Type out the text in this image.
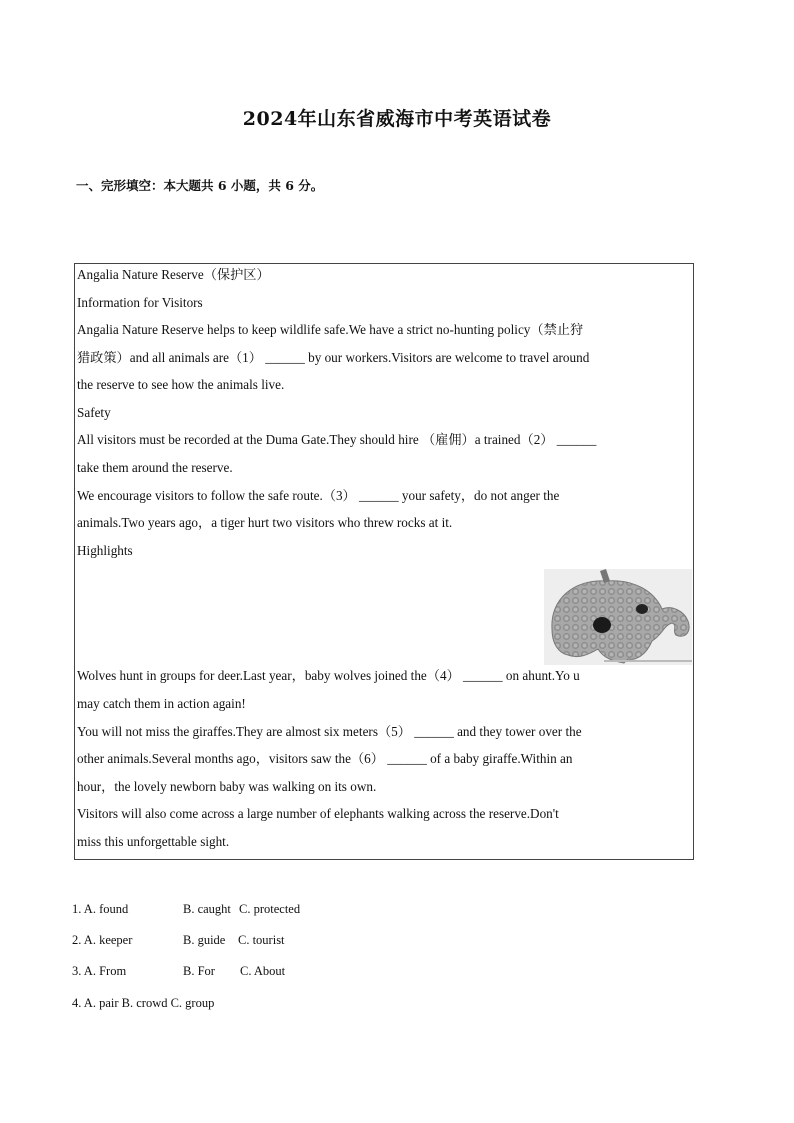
2024年山东省威海市中考英语试卷
一、完形填空：本大题共 6 小题，共 6 分。
Angalia Nature Reserve（保护区）
Information for Visitors
Angalia Nature Reserve helps to keep wildlife safe.We have a strict no-hunting policy（禁止狩
猎政策）and all animals are（1） ______ by our workers.Visitors are welcome to travel around
the reserve to see how the animals live.
Safety
All visitors must be recorded at the Duma Gate.They should hire （雇佣）a trained（2） ______
take them around the reserve.
We encourage visitors to follow the safe route.（3） ______ your safety，do not anger the
animals.Two years ago，a tiger hurt two visitors who threw rocks at it.
Highlights
Wolves hunt in groups for deer.Last year，baby wolves joined the（4） ______ on ahunt.Yo u
may catch them in action again!
You will not miss the giraffes.They are almost six meters（5） ______ and they tower over the
other animals.Several months ago，visitors saw the（6） ______ of a baby giraffe.Within an
hour，the lovely newborn baby was walking on its own.
Visitors will also come across a large number of elephants walking across the reserve.Don't
miss this unforgettable sight.
1. A. found	B. caught C. protected
2. A. keeper	B. guide C. tourist
3. A. From	B. For C. About
4. A. pair B. crowd C. group
